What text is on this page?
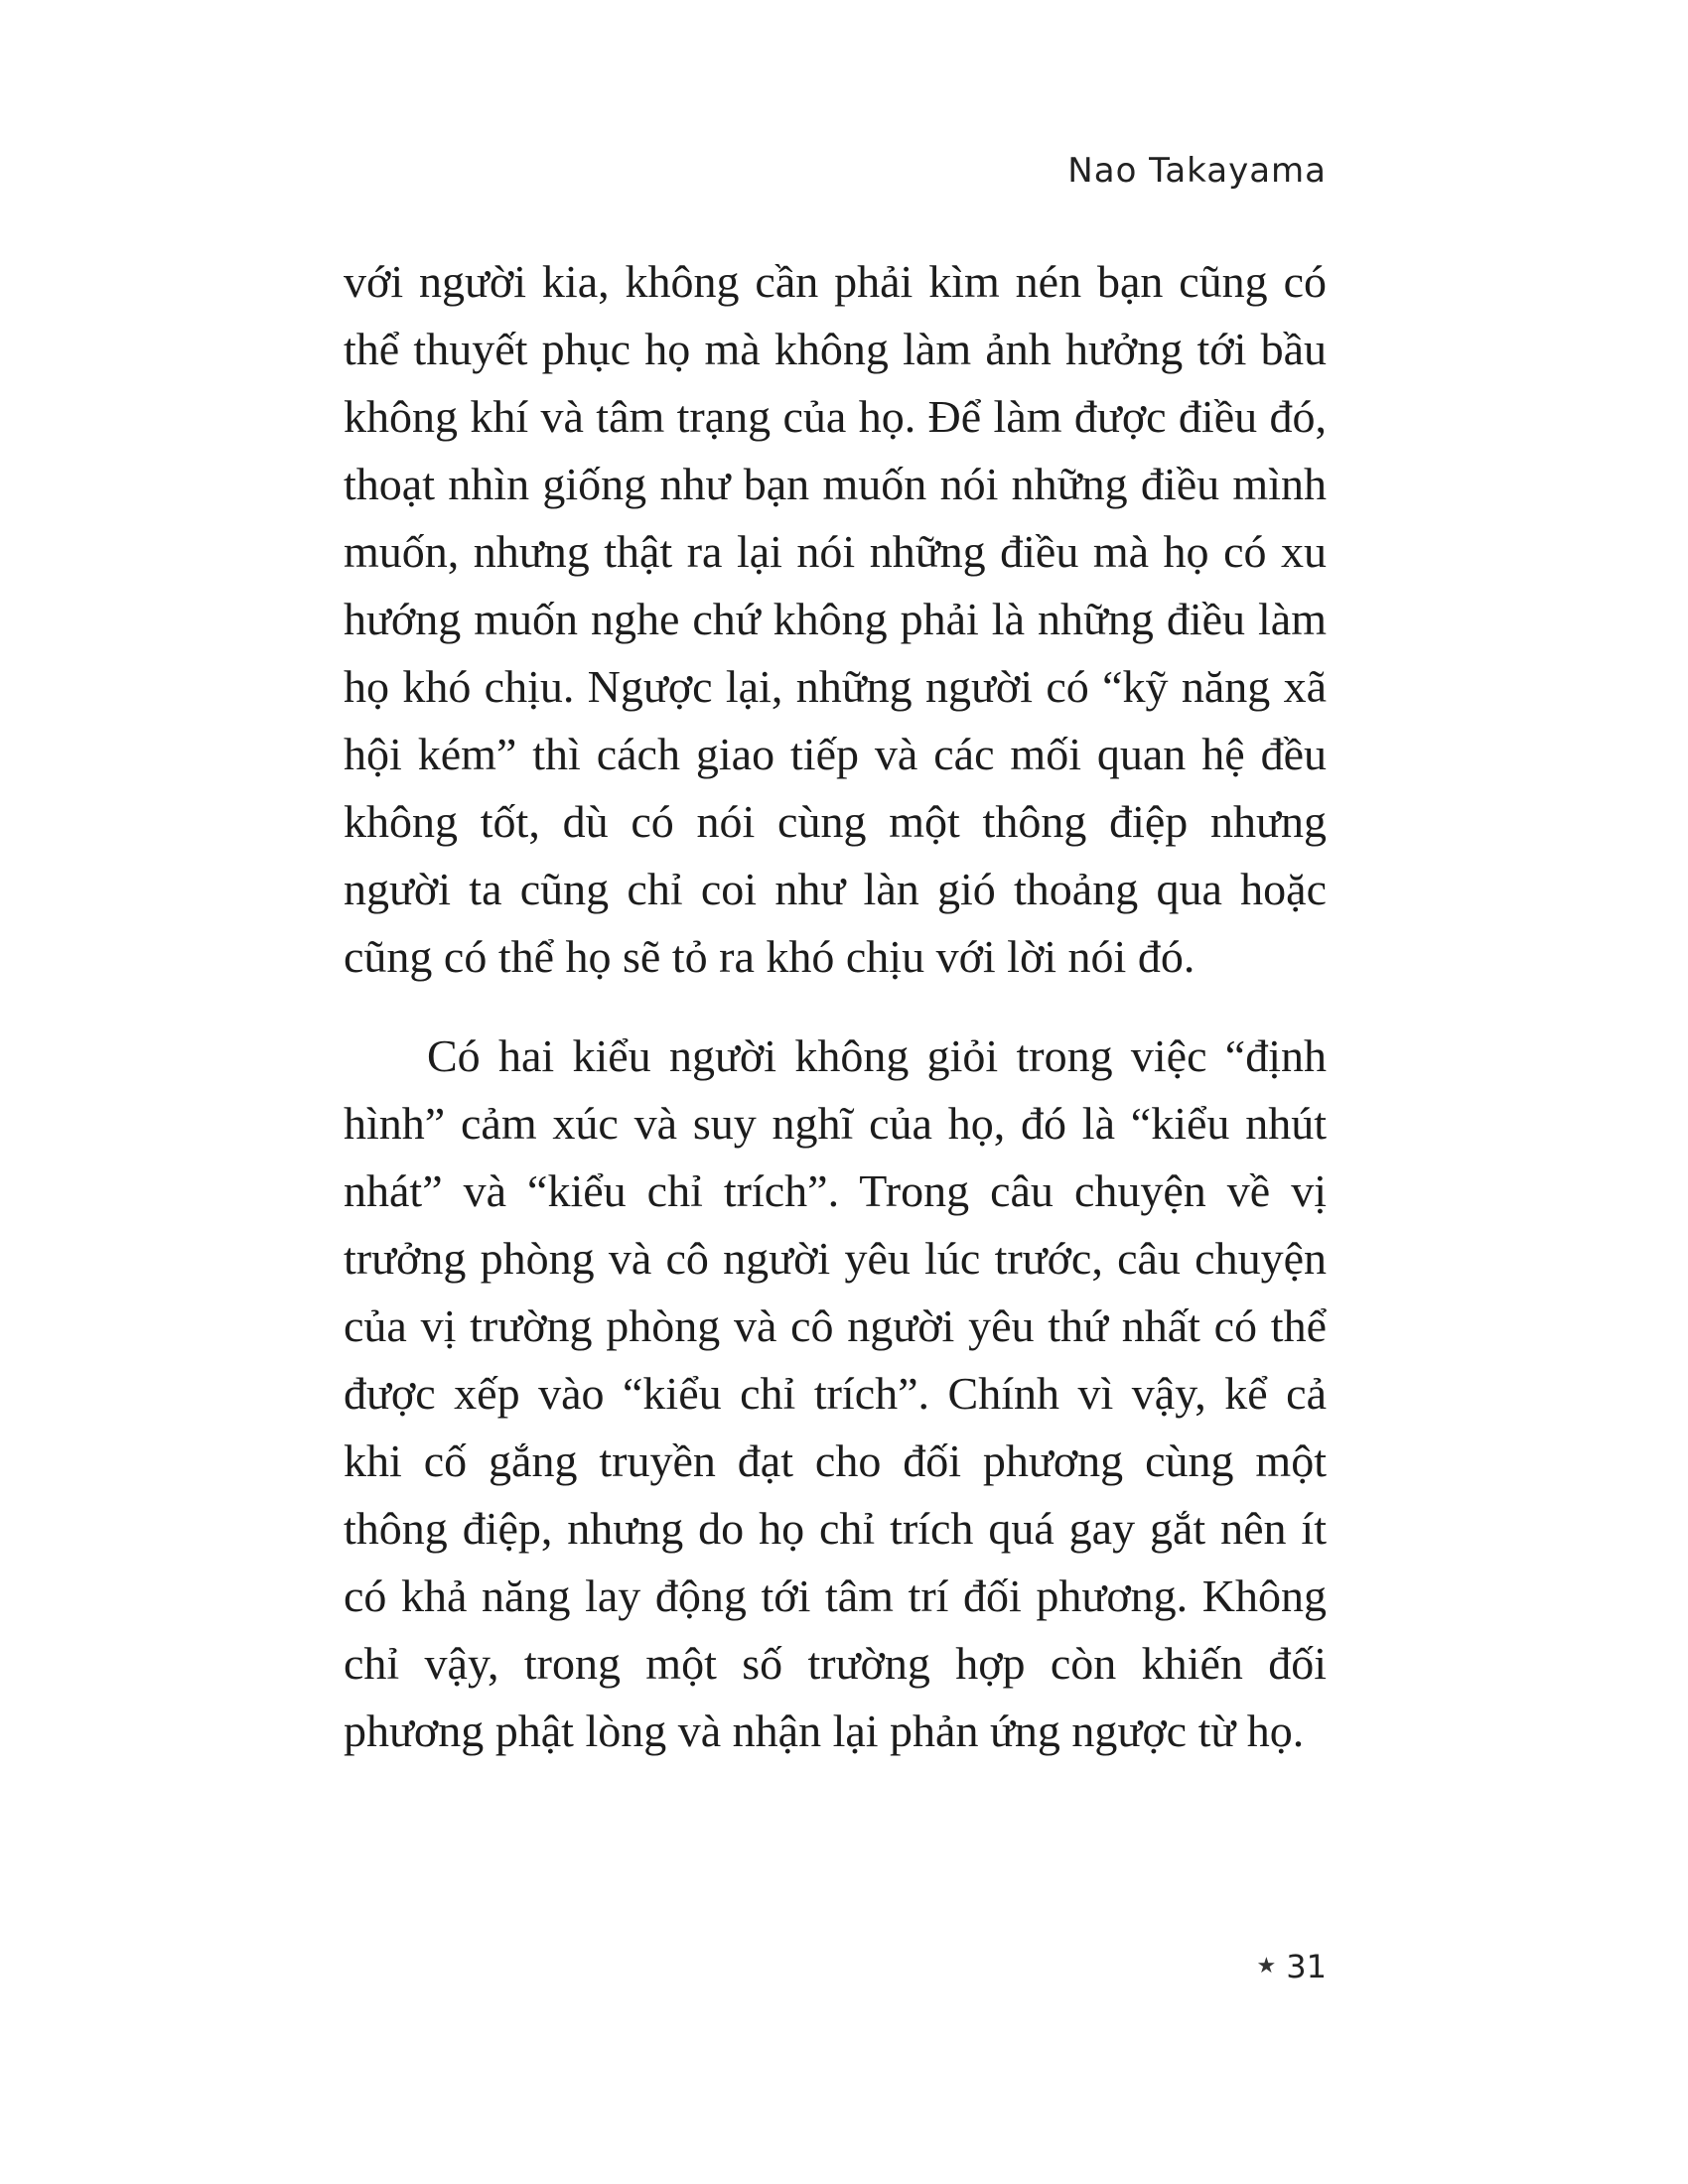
Nao Takayama

với người kia, không cần phải kìm nén bạn cũng có thể thuyết phục họ mà không làm ảnh hưởng tới bầu không khí và tâm trạng của họ. Để làm được điều đó, thoạt nhìn giống như bạn muốn nói những điều mình muốn, nhưng thật ra lại nói những điều mà họ có xu hướng muốn nghe chứ không phải là những điều làm họ khó chịu. Ngược lại, những người có “kỹ năng xã hội kém” thì cách giao tiếp và các mối quan hệ đều không tốt, dù có nói cùng một thông điệp nhưng người ta cũng chỉ coi như làn gió thoảng qua hoặc cũng có thể họ sẽ tỏ ra khó chịu với lời nói đó.

Có hai kiểu người không giỏi trong việc “định hình” cảm xúc và suy nghĩ của họ, đó là “kiểu nhút nhát” và “kiểu chỉ trích”. Trong câu chuyện về vị trưởng phòng và cô người yêu lúc trước, câu chuyện của vị trường phòng và cô người yêu thứ nhất có thể được xếp vào “kiểu chỉ trích”. Chính vì vậy, kể cả khi cố gắng truyền đạt cho đối phương cùng một thông điệp, nhưng do họ chỉ trích quá gay gắt nên ít có khả năng lay động tới tâm trí đối phương. Không chỉ vậy, trong một số trường hợp còn khiến đối phương phật lòng và nhận lại phản ứng ngược từ họ.

★ 31
